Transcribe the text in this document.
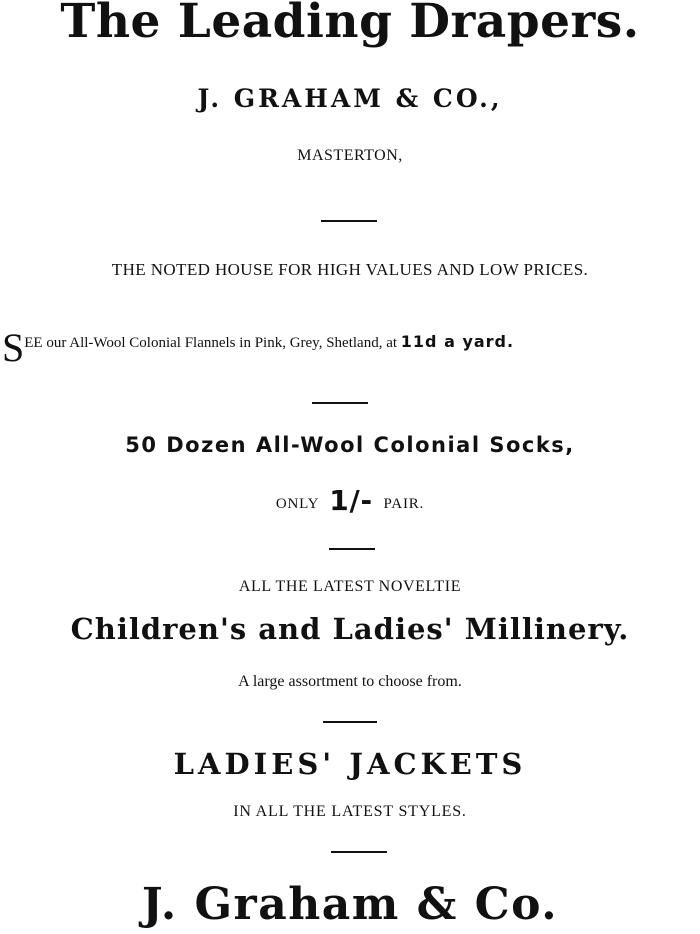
The Leading Drapers.
J. GRAHAM & CO.,
MASTERTON,
THE NOTED HOUSE FOR HIGH VALUES AND LOW PRICES.
SEE our All-Wool Colonial Flannels in Pink, Grey, Shetland, at 11d a yard.
50 Dozen All-Wool Colonial Socks,
ONLY 1/- PAIR.
ALL THE LATEST NOVELTIE
Children's and Ladies' Millinery.
A large assortment to choose from.
LADIES' JACKETS
IN ALL THE LATEST STYLES.
J. Graham & Co.
